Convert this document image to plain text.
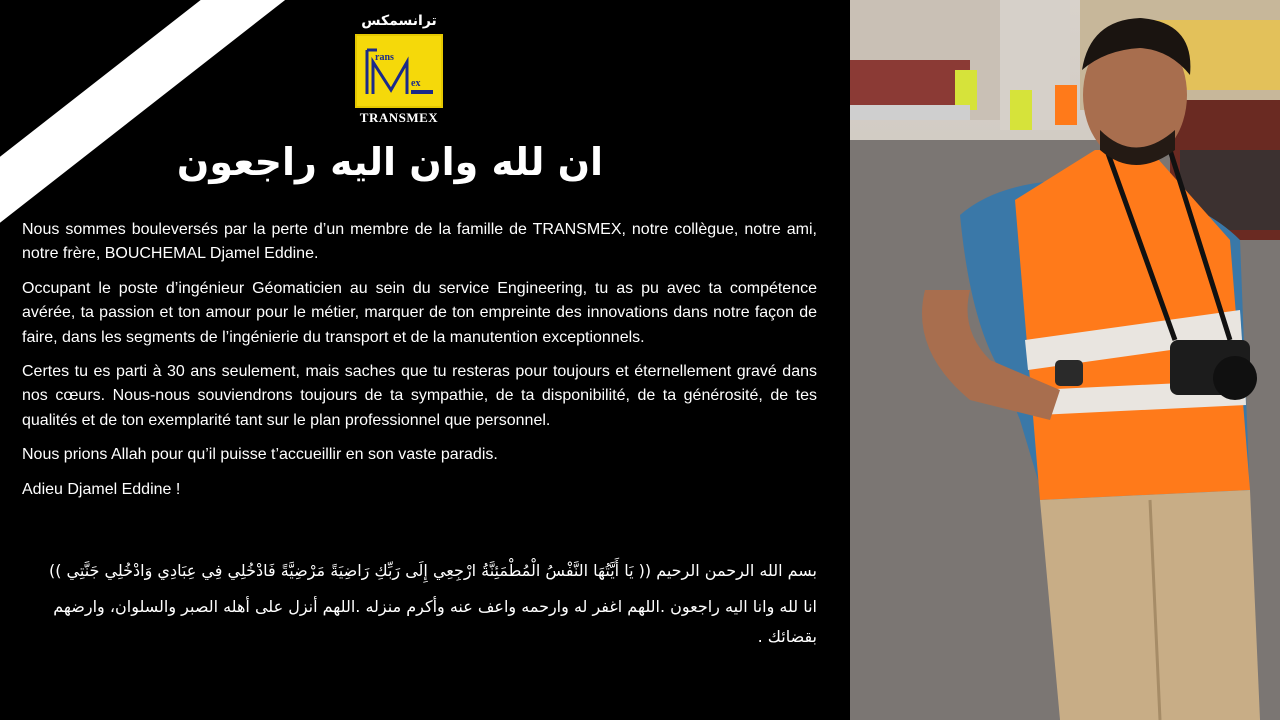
ترانسمكس
rans
ex
TRANSMEX
ان لله وان اليه راجعون

Nous sommes bouleversés par la perte d’un membre de la famille de TRANSMEX, notre collègue, notre ami, notre frère, BOUCHEMAL Djamel Eddine.

Occupant le poste d’ingénieur Géomaticien au sein du service Engineering, tu as pu avec ta compétence avérée, ta passion et ton amour pour le métier, marquer de ton empreinte des innovations dans notre façon de faire, dans les segments de l’ingénierie du transport et de la manutention exceptionnels.

Certes tu es parti à 30 ans seulement, mais saches que tu resteras pour toujours et éternellement gravé dans nos cœurs. Nous-nous souviendrons toujours de ta sympathie, de ta disponibilité, de ta générosité, de tes qualités et de ton exemplarité tant sur le plan professionnel que personnel.

Nous prions Allah pour qu’il puisse t’accueillir en son vaste paradis.

Adieu Djamel Eddine !

بسم الله الرحمن الرحيم (( يَا أَيَّتُهَا النَّفْسُ الْمُطْمَئِنَّةُ ارْجِعِي إِلَى رَبِّكِ رَاضِيَةً مَرْضِيَّةً فَادْخُلِي فِي عِبَادِي وَادْخُلِي جَنَّتِي ))

انا لله وانا اليه راجعون .اللهم اغفر له وارحمه واعف عنه وأكرم منزله .اللهم أنزل على أهله الصبر والسلوان، وارضهم بقضائك .
